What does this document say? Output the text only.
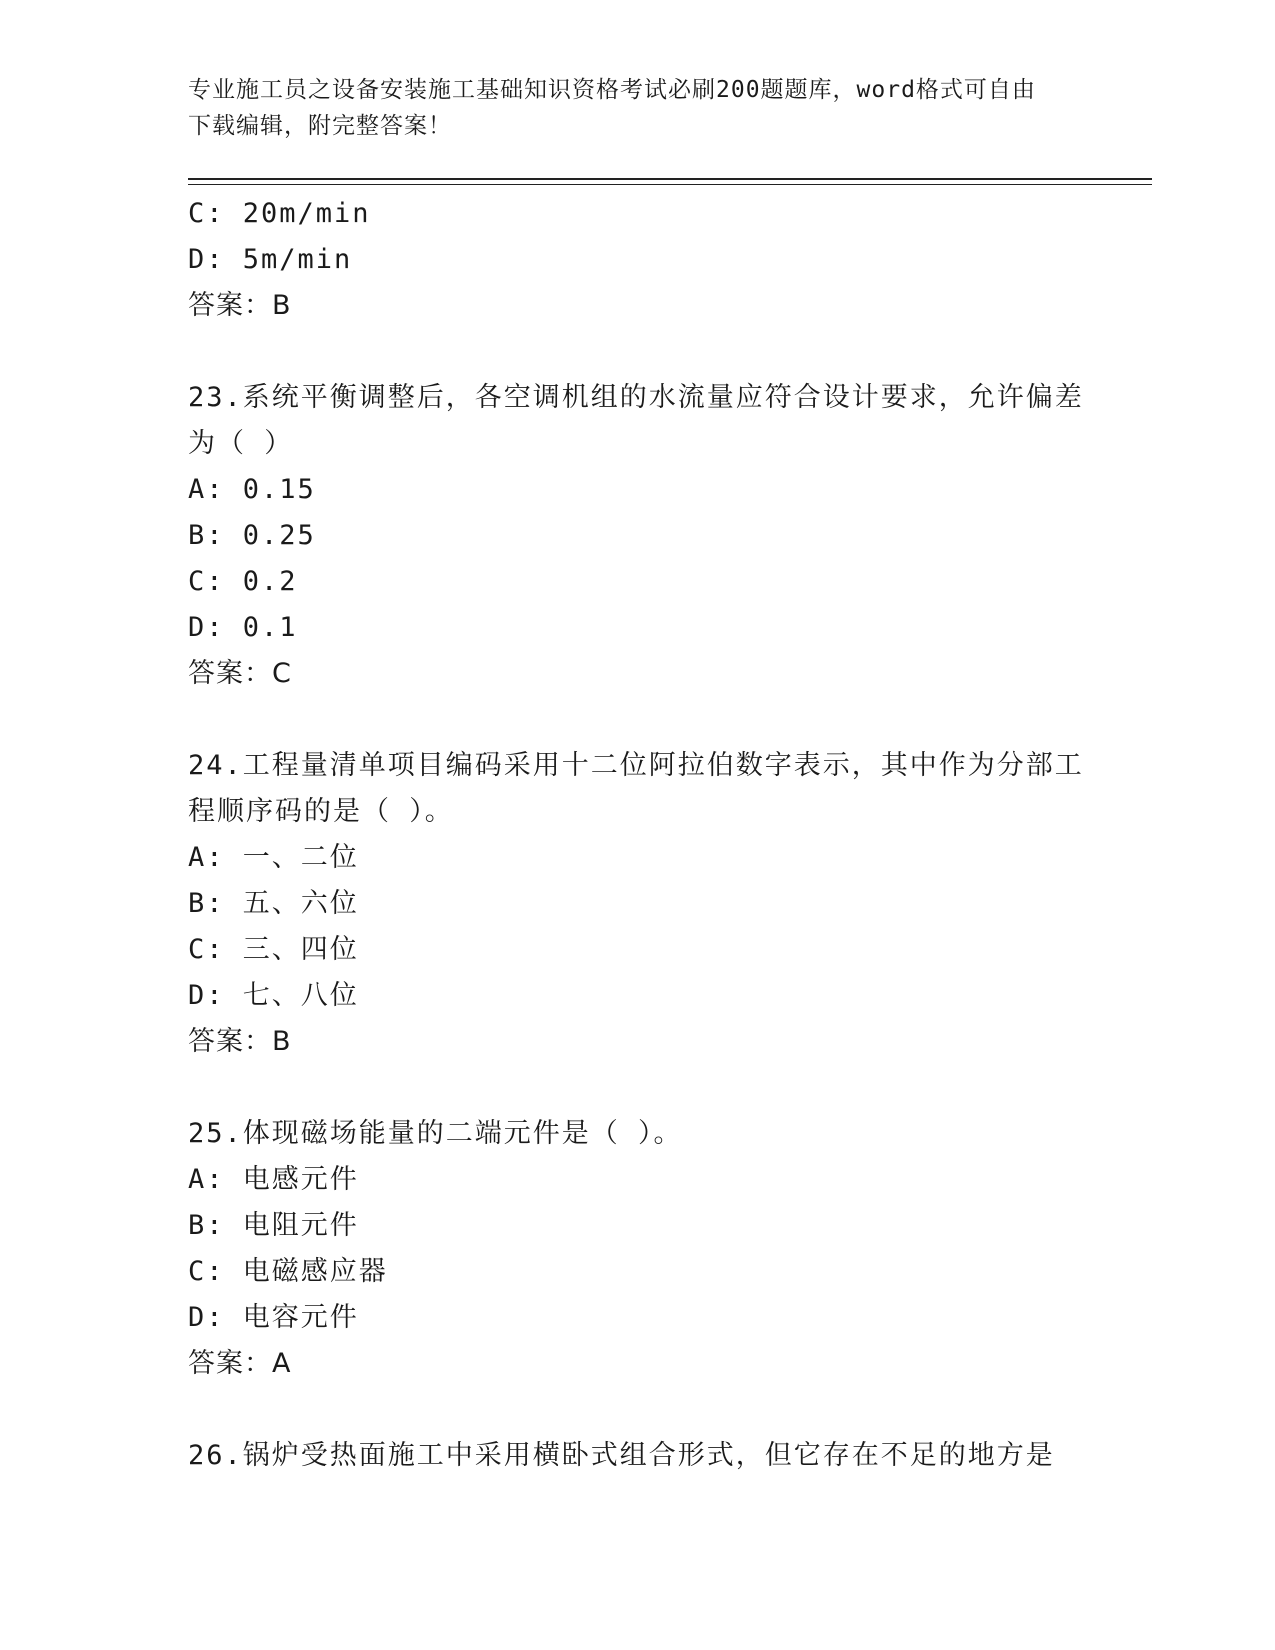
专业施工员之设备安装施工基础知识资格考试必刷200题题库，word格式可自由
下载编辑，附完整答案！
C: 20m/min
D: 5m/min
答案：B
23.系统平衡调整后，各空调机组的水流量应符合设计要求，允许偏差
为（ ）
A: 0.15
B: 0.25
C: 0.2
D: 0.1
答案：C
24.工程量清单项目编码采用十二位阿拉伯数字表示，其中作为分部工
程顺序码的是（ ）。
A: 一、二位
B: 五、六位
C: 三、四位
D: 七、八位
答案：B
25.体现磁场能量的二端元件是（ ）。
A: 电感元件
B: 电阻元件
C: 电磁感应器
D: 电容元件
答案：A
26.锅炉受热面施工中采用横卧式组合形式，但它存在不足的地方是
